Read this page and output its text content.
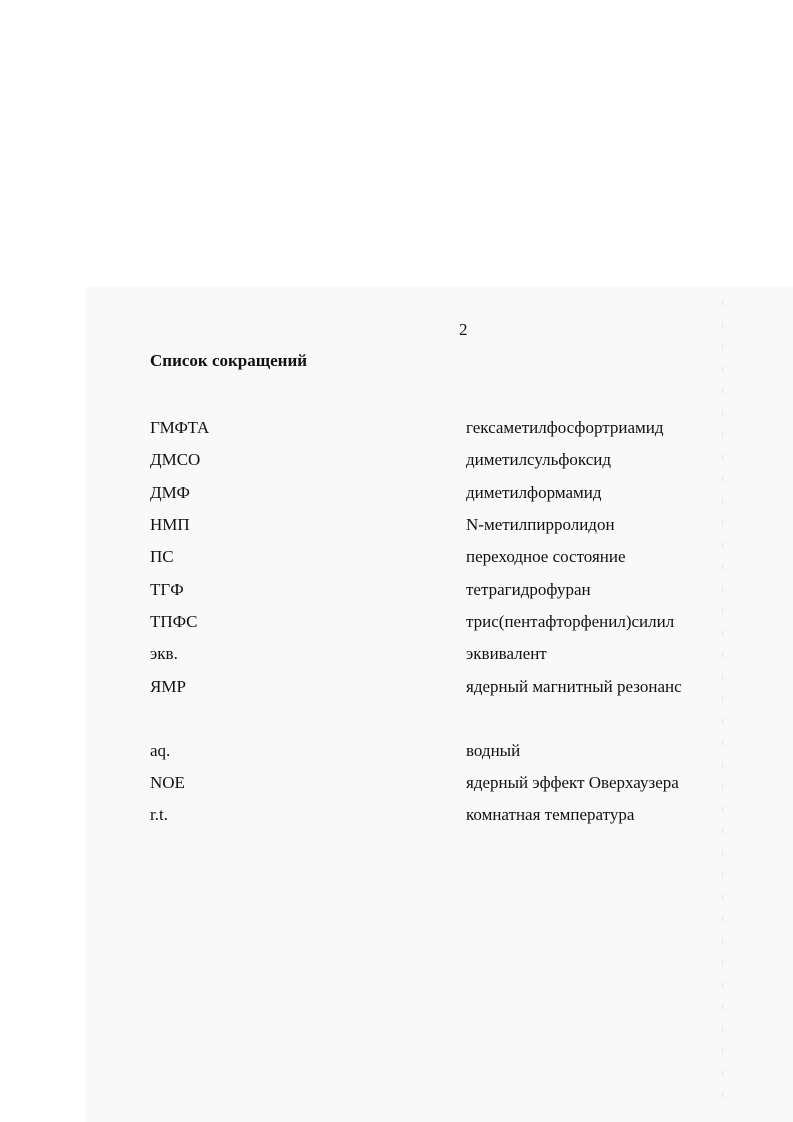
2
Список сокращений
ГМФТА	гексаметилфосфортриамид
ДМСО	диметилсульфоксид
ДМФ	диметилформамид
НМП	N-метилпирролидон
ПС	переходное состояние
ТГФ	тетрагидрофуран
ТПФС	трис(пентафторфенил)силил
экв.	эквивалент
ЯМР	ядерный магнитный резонанс
aq.	водный
NOE	ядерный эффект Оверхаузера
r.t.	комнатная температура
